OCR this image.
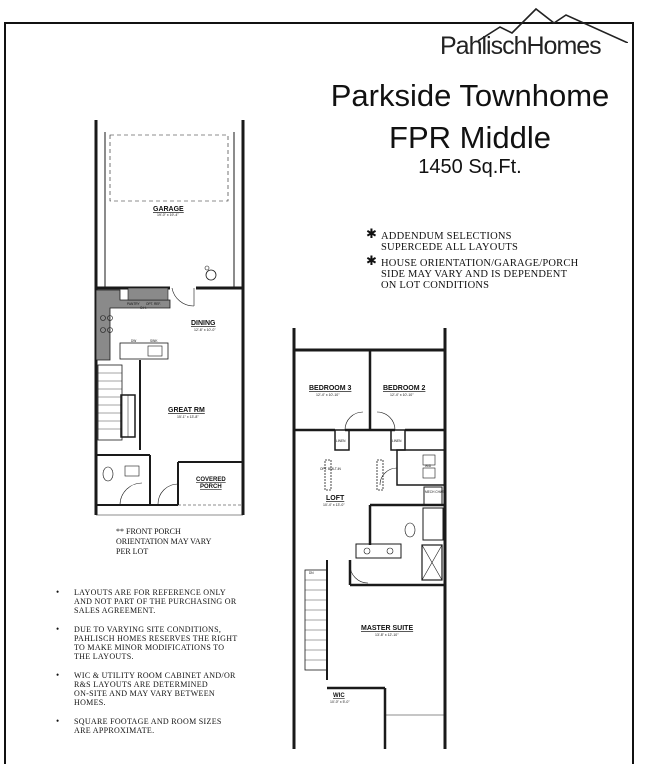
PahlischHomes
Parkside Townhome
FPR Middle
1450 Sq.Ft.
✱ ADDENDUM SELECTIONS
SUPERCEDE ALL LAYOUTS
✱ HOUSE ORIENTATION/GARAGE/PORCH
SIDE MAY VARY AND IS DEPENDENT
ON LOT CONDITIONS
** FRONT PORCH
ORIENTATION MAY VARY
PER LOT
• LAYOUTS ARE FOR REFERENCE ONLY
AND NOT PART OF THE PURCHASING OR
SALES AGREEMENT.
• DUE TO VARYING SITE CONDITIONS,
PAHLISCH HOMES RESERVES THE RIGHT
TO MAKE MINOR MODIFICATIONS TO
THE LAYOUTS.
• WIC & UTILITY ROOM CABINET AND/OR
R&S LAYOUTS ARE DETERMINED
ON-SITE AND MAY VARY BETWEEN
HOMES.
• SQUARE FOOTAGE AND ROOM SIZES
ARE APPROXIMATE.
GARAGE
19'-0" x 19'-4"
DINING
12'-6" x 10'-0"
GREAT RM
15'-1" x 13'-8"
COVERED
PORCH
PANTRY
O.H.
OPT. REF.
DW	SINK
BEDROOM 3
12'-4" x 10'-10"
BEDROOM 2
12'-4" x 10'-10"
LOFT
10'-4" x 13'-0"
MASTER SUITE
13'-8" x 12'-10"
WIC
10'-0" x 5'-0"
LINEN	LINEN
W/D
MECH CHASE
DN
OPT. BUILT-IN
